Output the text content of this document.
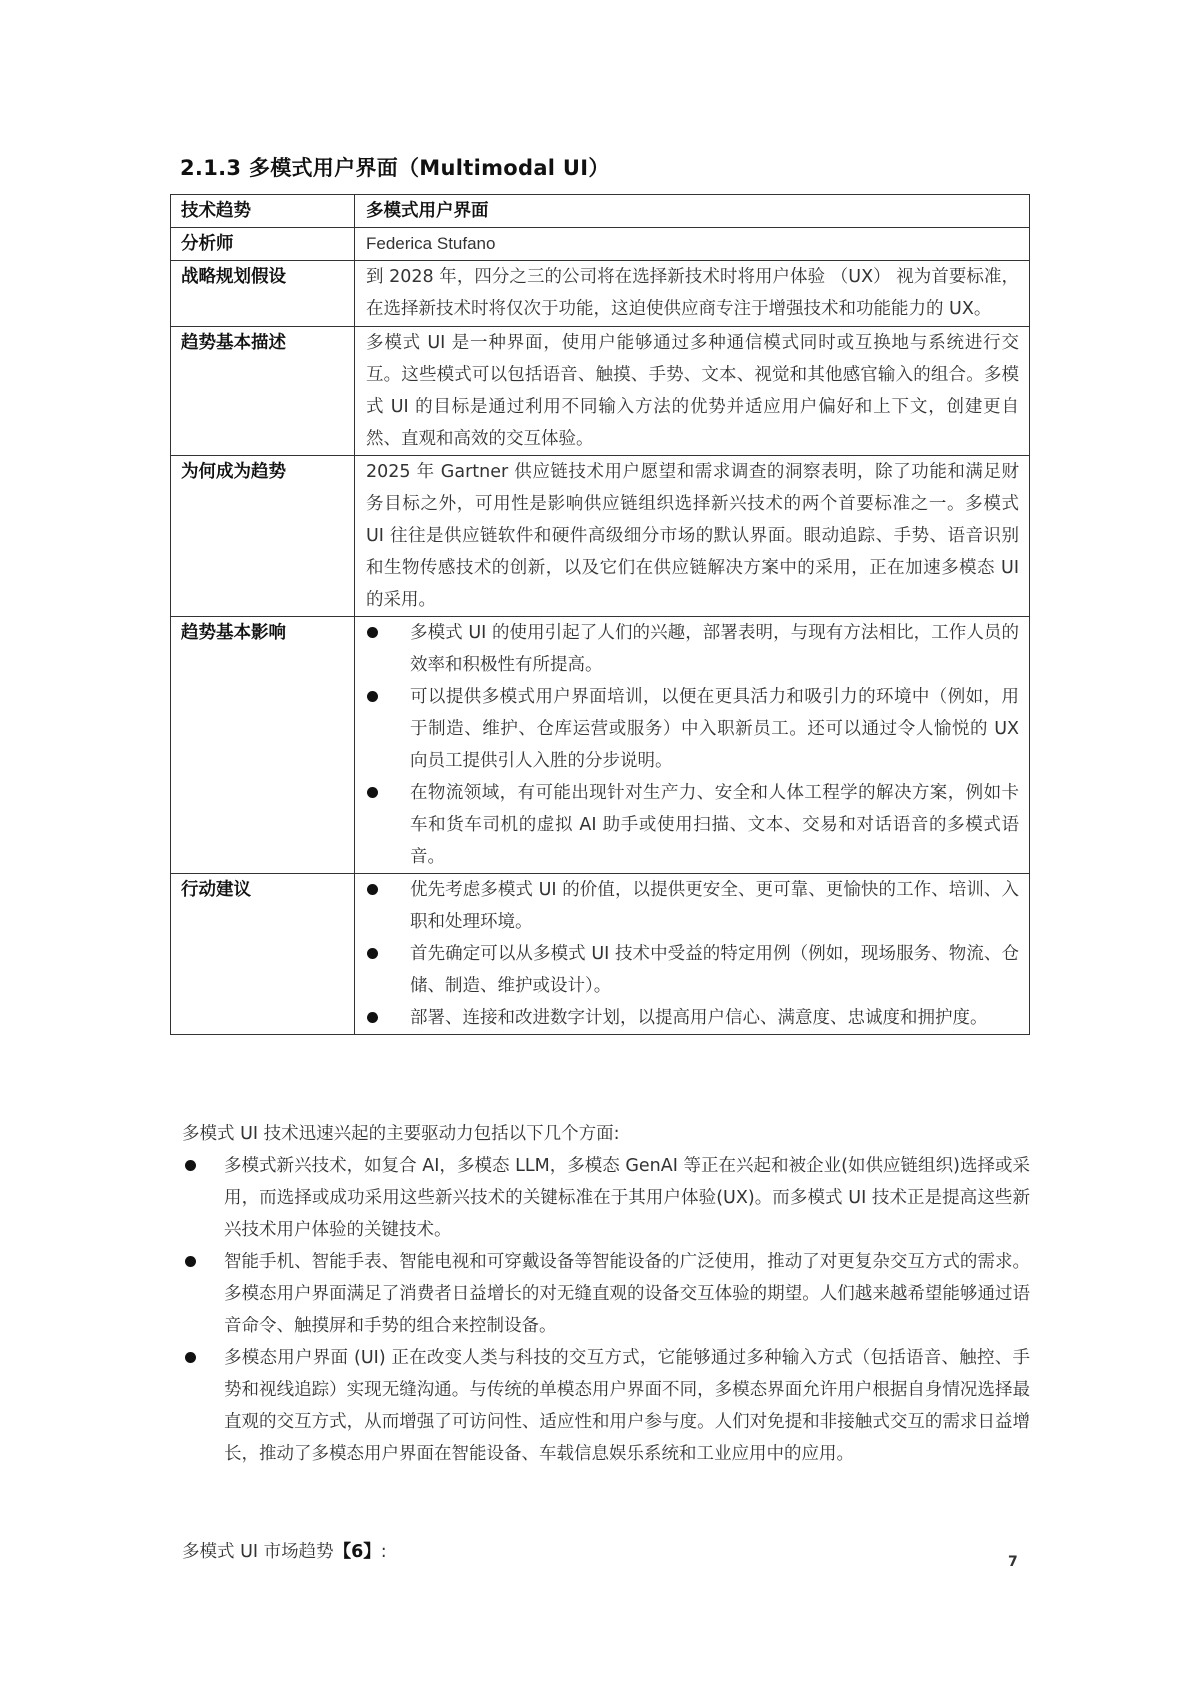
2.1.3 多模式用户界面（Multimodal UI）
技术趋势	多模式用户界面
分析师	Federica Stufano
战略规划假设	到 2028 年，四分之三的公司将在选择新技术时将用户体验 （UX） 视为首要标准，在选择新技术时将仅次于功能，这迫使供应商专注于增强技术和功能能力的 UX。
趋势基本描述	多模式 UI 是一种界面，使用户能够通过多种通信模式同时或互换地与系统进行交互。这些模式可以包括语音、触摸、手势、文本、视觉和其他感官输入的组合。多模式 UI 的目标是通过利用不同输入方法的优势并适应用户偏好和上下文，创建更自然、直观和高效的交互体验。
为何成为趋势	2025 年 Gartner 供应链技术用户愿望和需求调查的洞察表明，除了功能和满足财务目标之外，可用性是影响供应链组织选择新兴技术的两个首要标准之一。多模式 UI 往往是供应链软件和硬件高级细分市场的默认界面。眼动追踪、手势、语音识别和生物传感技术的创新，以及它们在供应链解决方案中的采用，正在加速多模态 UI 的采用。
趋势基本影响	多模式 UI 的使用引起了人们的兴趣，部署表明，与现有方法相比，工作人员的效率和积极性有所提高。
可以提供多模式用户界面培训，以便在更具活力和吸引力的环境中（例如，用于制造、维护、仓库运营或服务）中入职新员工。还可以通过令人愉悦的 UX 向员工提供引人入胜的分步说明。
在物流领域，有可能出现针对生产力、安全和人体工程学的解决方案，例如卡车和货车司机的虚拟 AI 助手或使用扫描、文本、交易和对话语音的多模式语音。

行动建议	优先考虑多模式 UI 的价值，以提供更安全、更可靠、更愉快的工作、培训、入职和处理环境。
首先确定可以从多模式 UI 技术中受益的特定用例（例如，现场服务、物流、仓储、制造、维护或设计）。
部署、连接和改进数字计划，以提高用户信心、满意度、忠诚度和拥护度。
多模式 UI 技术迅速兴起的主要驱动力包括以下几个方面:
多模式新兴技术，如复合 AI，多模态 LLM，多模态 GenAI 等正在兴起和被企业(如供应链组织)选择或采用，而选择或成功采用这些新兴技术的关键标准在于其用户体验(UX)。而多模式 UI 技术正是提高这些新兴技术用户体验的关键技术。
智能手机、智能手表、智能电视和可穿戴设备等智能设备的广泛使用，推动了对更复杂交互方式的需求。多模态用户界面满足了消费者日益增长的对无缝直观的设备交互体验的期望。人们越来越希望能够通过语音命令、触摸屏和手势的组合来控制设备。
多模态用户界面 (UI) 正在改变人类与科技的交互方式，它能够通过多种输入方式（包括语音、触控、手势和视线追踪）实现无缝沟通。与传统的单模态用户界面不同，多模态界面允许用户根据自身情况选择最直观的交互方式，从而增强了可访问性、适应性和用户参与度。人们对免提和非接触式交互的需求日益增长，推动了多模态用户界面在智能设备、车载信息娱乐系统和工业应用中的应用。
多模式 UI 市场趋势【6】:	7
